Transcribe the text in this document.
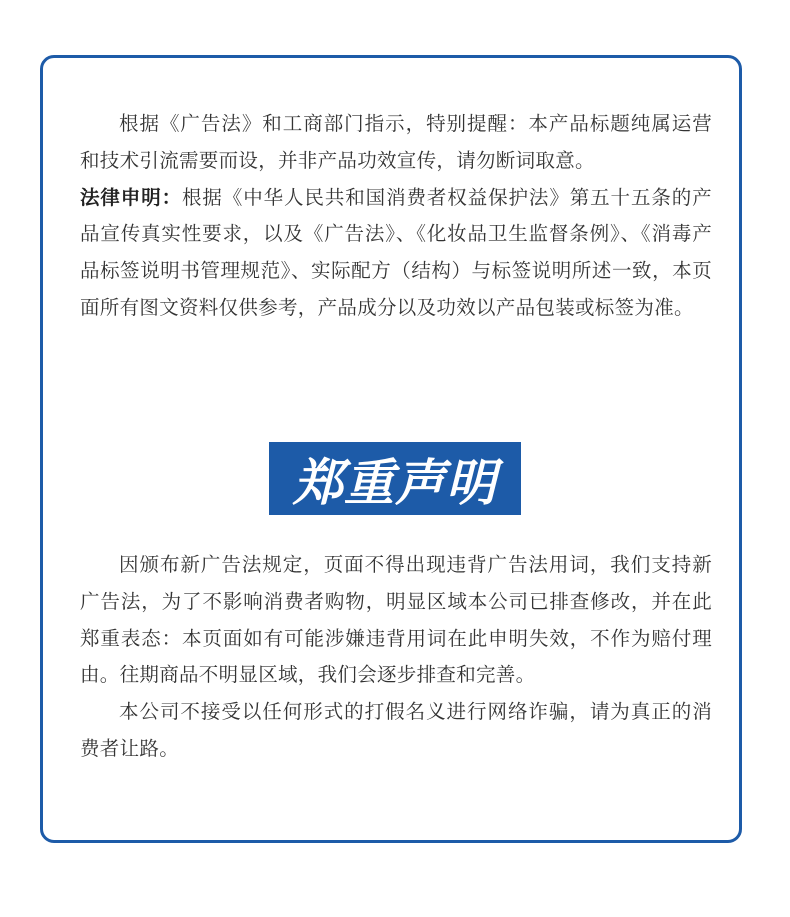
根据《广告法》和工商部门指示，特别提醒：本产品标题纯属运营和技术引流需要而设，并非产品功效宣传，请勿断词取意。

法律申明：根据《中华人民共和国消费者权益保护法》第五十五条的产品宣传真实性要求，以及《广告法》、《化妆品卫生监督条例》、《消毒产品标签说明书管理规范》、实际配方（结构）与标签说明所述一致，本页面所有图文资料仅供参考，产品成分以及功效以产品包装或标签为准。

郑重声明

因颁布新广告法规定，页面不得出现违背广告法用词，我们支持新广告法，为了不影响消费者购物，明显区域本公司已排查修改，并在此郑重表态：本页面如有可能涉嫌违背用词在此申明失效，不作为赔付理由。往期商品不明显区域，我们会逐步排查和完善。

本公司不接受以任何形式的打假名义进行网络诈骗，请为真正的消费者让路。
